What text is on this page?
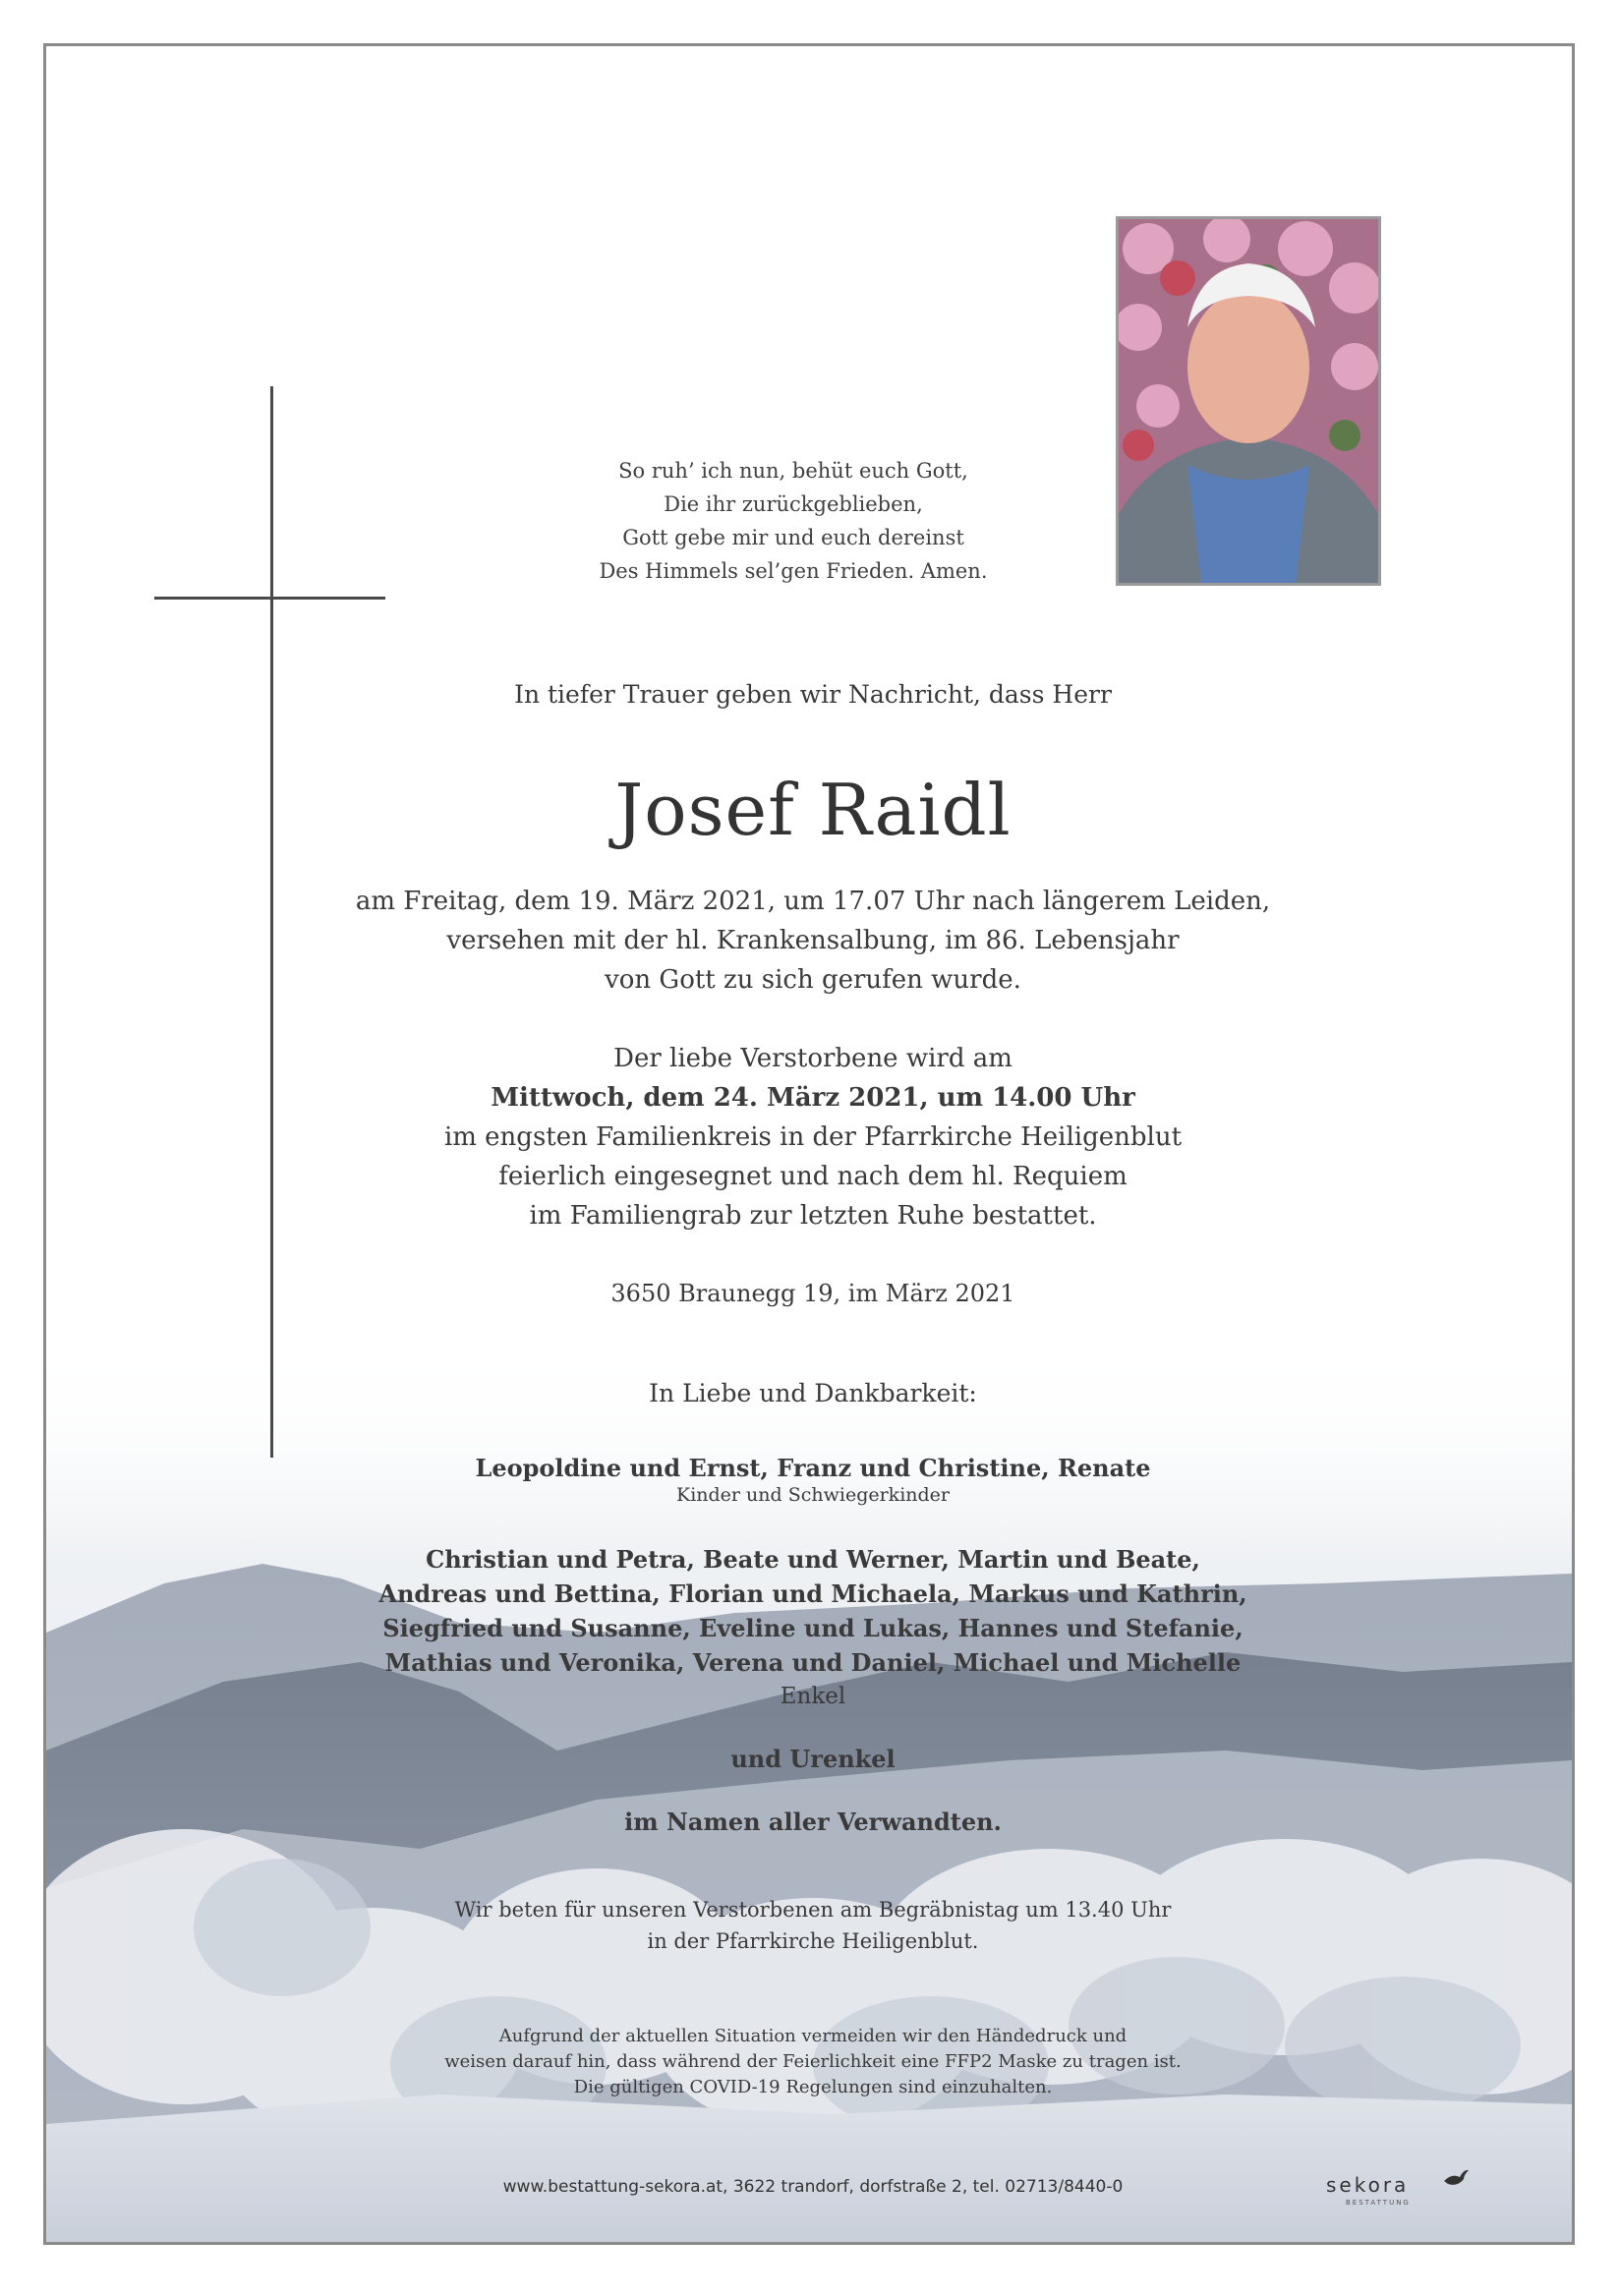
So ruh’ ich nun, behüt euch Gott,
Die ihr zurückgeblieben,
Gott gebe mir und euch dereinst
Des Himmels sel’gen Frieden. Amen.
In tiefer Trauer geben wir Nachricht, dass Herr
Josef Raidl
am Freitag, dem 19. März 2021, um 17.07 Uhr nach längerem Leiden,
versehen mit der hl. Krankensalbung, im 86. Lebensjahr
von Gott zu sich gerufen wurde.
Der liebe Verstorbene wird am
Mittwoch, dem 24. März 2021, um 14.00 Uhr
im engsten Familienkreis in der Pfarrkirche Heiligenblut
feierlich eingesegnet und nach dem hl. Requiem
im Familiengrab zur letzten Ruhe bestattet.
3650 Braunegg 19, im März 2021
In Liebe und Dankbarkeit:
Leopoldine und Ernst, Franz und Christine, Renate
Kinder und Schwiegerkinder
Christian und Petra, Beate und Werner, Martin und Beate,
Andreas und Bettina, Florian und Michaela, Markus und Kathrin,
Siegfried und Susanne, Eveline und Lukas, Hannes und Stefanie,
Mathias und Veronika, Verena und Daniel, Michael und Michelle
Enkel
und Urenkel
im Namen aller Verwandten.
Wir beten für unseren Verstorbenen am Begräbnistag um 13.40 Uhr
in der Pfarrkirche Heiligenblut.
Aufgrund der aktuellen Situation vermeiden wir den Händedruck und
weisen darauf hin, dass während der Feierlichkeit eine FFP2 Maske zu tragen ist.
Die gültigen COVID-19 Regelungen sind einzuhalten.
www.bestattung-sekora.at, 3622 trandorf, dorfstraße 2, tel. 02713/8440-0	sekora
BESTATTUNG
